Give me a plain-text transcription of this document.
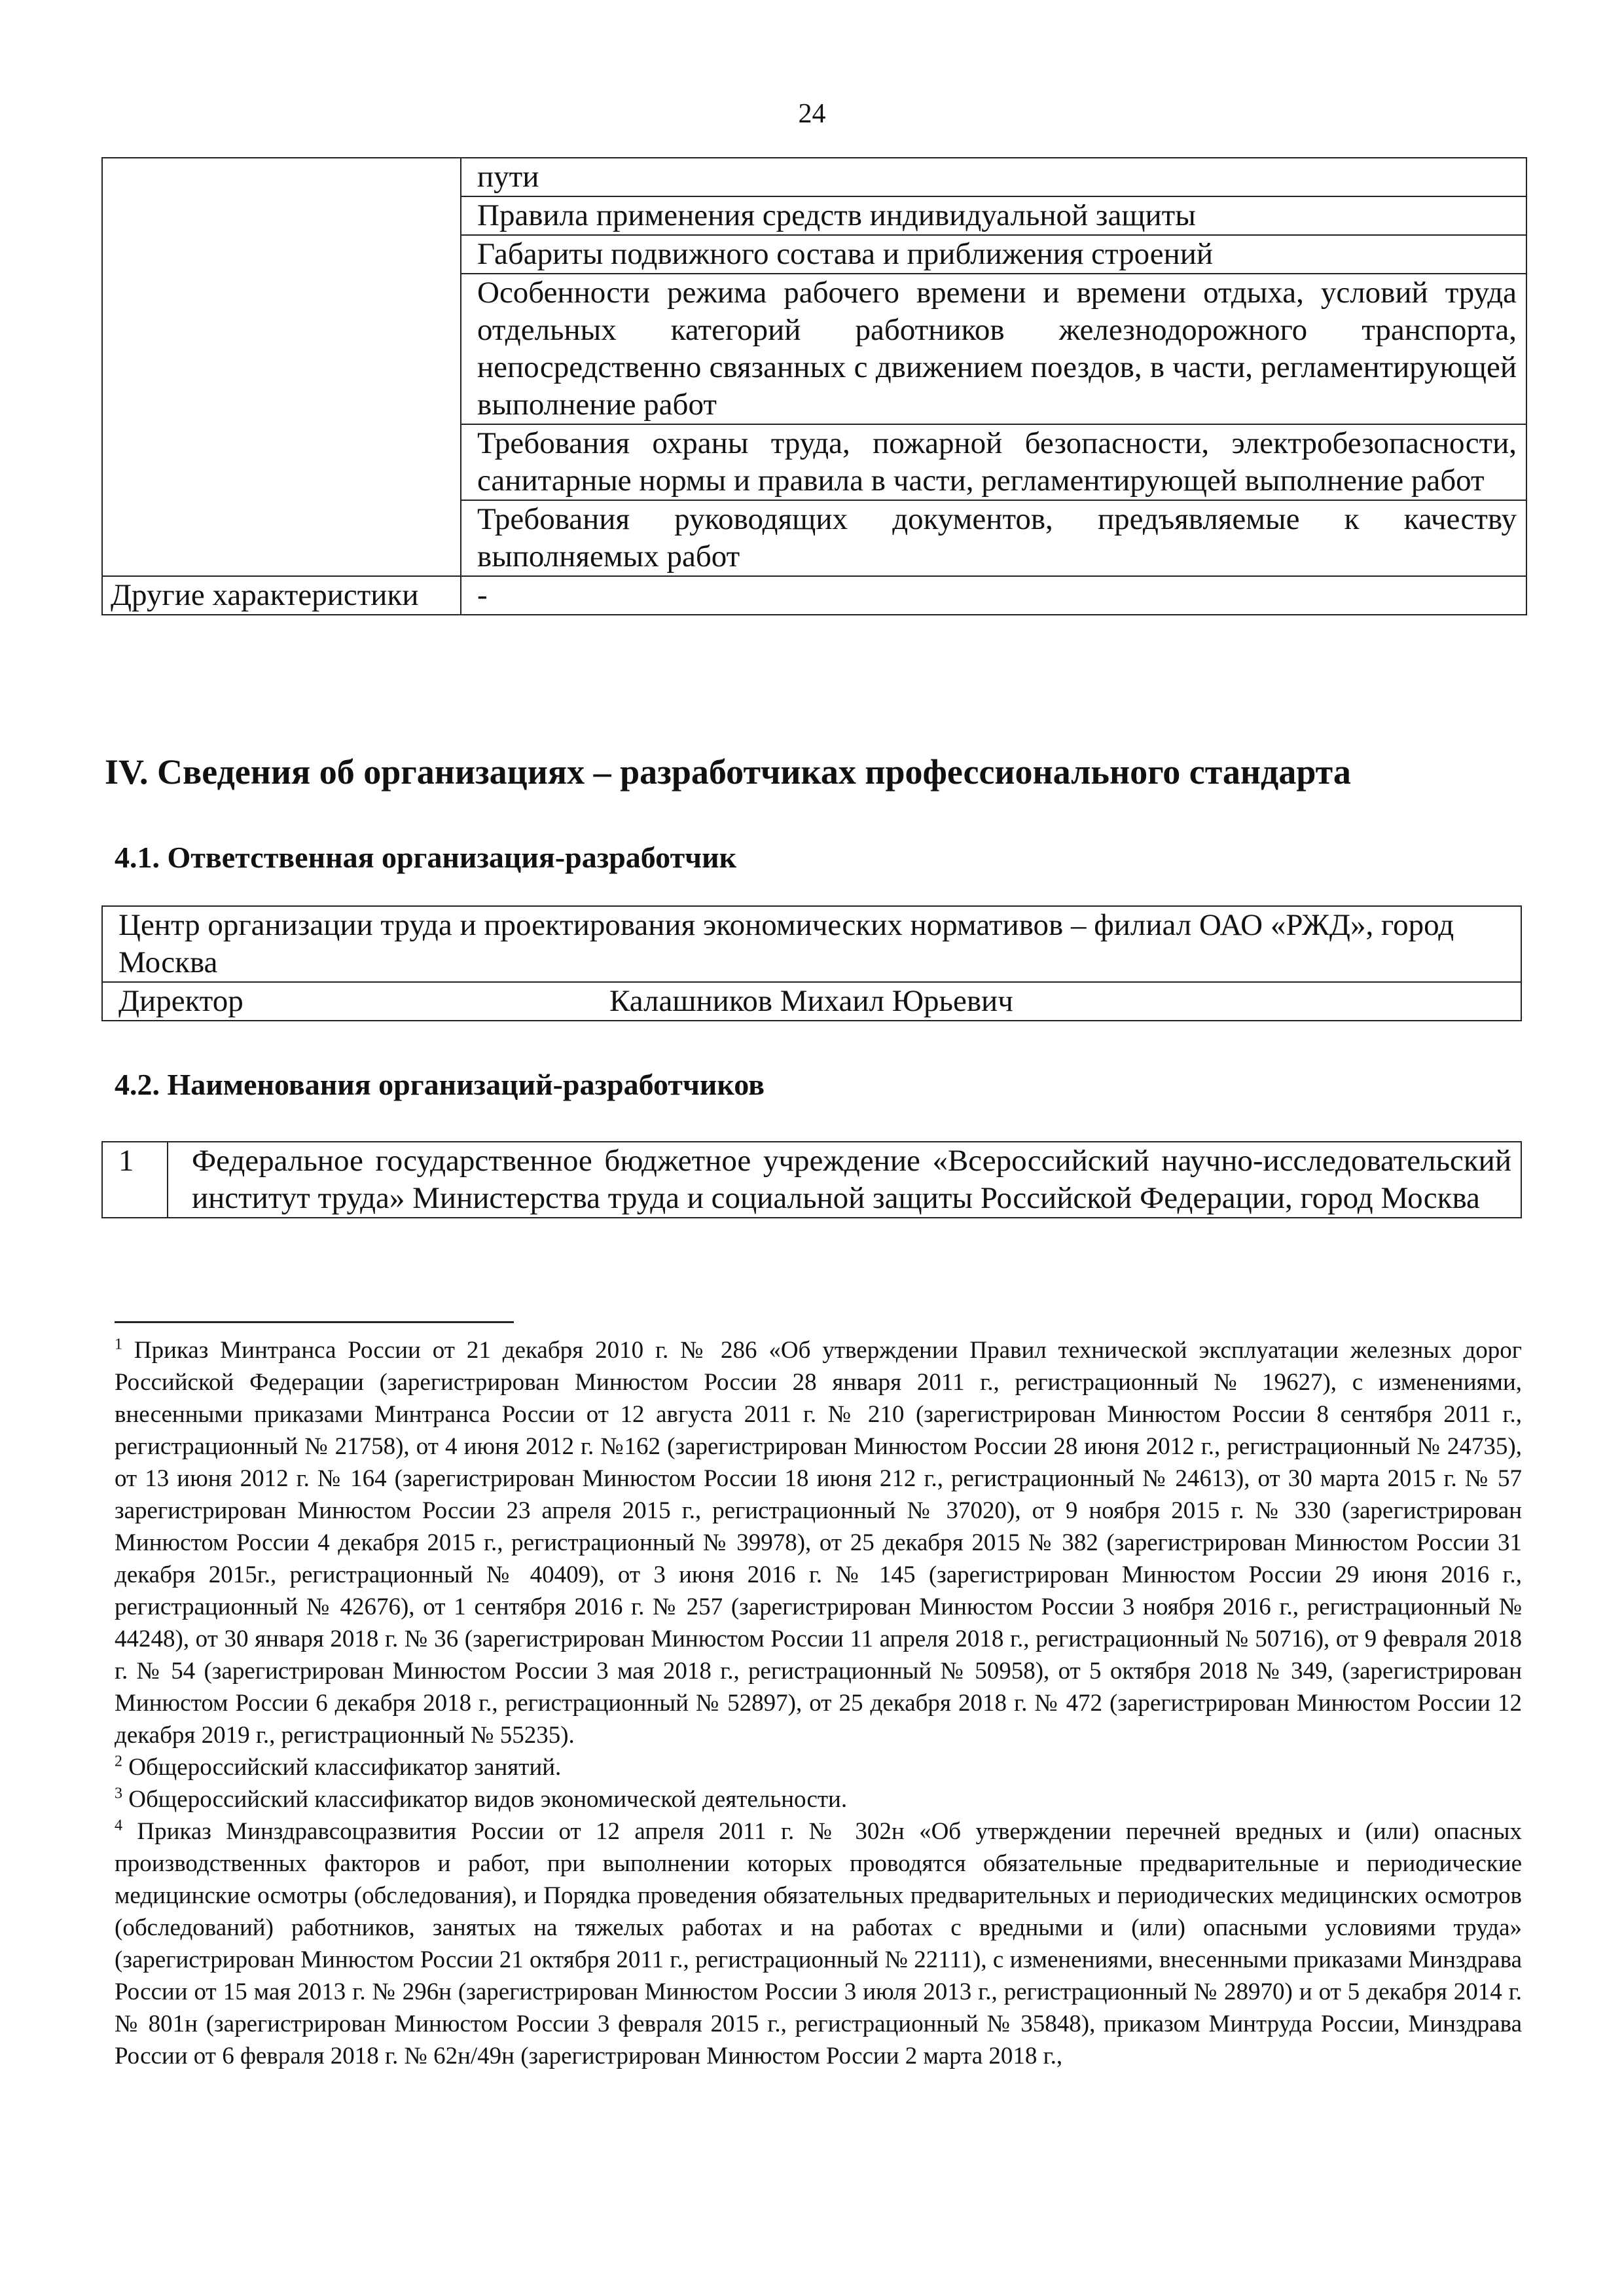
24
	пути
	Правила применения средств индивидуальной защиты
	Габариты подвижного состава и приближения строений
	Особенности режима рабочего времени и времени отдыха, условий труда отдельных категорий работников железнодорожного транспорта, непосредственно связанных с движением поездов, в части, регламентирующей выполнение работ
	Требования охраны труда, пожарной безопасности, электробезопасности, санитарные нормы и правила в части, регламентирующей выполнение работ
	Требования руководящих документов, предъявляемые к качеству выполняемых работ
Другие характеристики	-
IV. Сведения об организациях – разработчиках профессионального стандарта
4.1. Ответственная организация-разработчик
Центр организации труда и проектирования экономических нормативов – филиал ОАО «РЖД», город Москва

Директор	Калашников Михаил Юрьевич
4.2. Наименования организаций-разработчиков
1	Федеральное государственное бюджетное учреждение «Всероссийский научно-исследовательский институт труда» Министерства труда и социальной защиты Российской Федерации, город Москва

$^1$ Приказ Минтранса России от 21 декабря 2010 г. № 286 «Об утверждении Правил технической эксплуатации железных дорог Российской Федерации (зарегистрирован Минюстом России 28 января 2011 г., регистрационный № 19627), с изменениями, внесенными приказами Минтранса России от 12 августа 2011 г. № 210 (зарегистрирован Минюстом России 8 сентября 2011 г., регистрационный № 21758), от 4 июня 2012 г. №162 (зарегистрирован Минюстом России 28 июня 2012 г., регистрационный № 24735), от 13 июня 2012 г. № 164 (зарегистрирован Минюстом России 18 июня 212 г., регистрационный № 24613), от 30 марта 2015 г. № 57 зарегистрирован Минюстом России 23 апреля 2015 г., регистрационный № 37020), от 9 ноября 2015 г. № 330 (зарегистрирован Минюстом России 4 декабря 2015 г., регистрационный № 39978), от 25 декабря 2015 № 382 (зарегистрирован Минюстом России 31 декабря 2015г., регистрационный № 40409), от 3 июня 2016 г. № 145 (зарегистрирован Минюстом России 29 июня 2016 г., регистрационный № 42676), от 1 сентября 2016 г. № 257 (зарегистрирован Минюстом России 3 ноября 2016 г., регистрационный № 44248), от 30 января 2018 г. № 36 (зарегистрирован Минюстом России 11 апреля 2018 г., регистрационный № 50716), от 9 февраля 2018 г. № 54 (зарегистрирован Минюстом России 3 мая 2018 г., регистрационный № 50958), от 5 октября 2018 № 349, (зарегистрирован Минюстом России 6 декабря 2018 г., регистрационный № 52897), от 25 декабря 2018 г. № 472 (зарегистрирован Минюстом России 12 декабря 2019 г., регистрационный № 55235).

$^2$ Общероссийский классификатор занятий.

$^3$ Общероссийский классификатор видов экономической деятельности.

$^4$ Приказ Минздравсоцразвития России от 12 апреля 2011 г. № 302н «Об утверждении перечней вредных и (или) опасных производственных факторов и работ, при выполнении которых проводятся обязательные предварительные и периодические медицинские осмотры (обследования), и Порядка проведения обязательных предварительных и периодических медицинских осмотров (обследований) работников, занятых на тяжелых работах и на работах с вредными и (или) опасными условиями труда» (зарегистрирован Минюстом России 21 октября 2011 г., регистрационный № 22111), с изменениями, внесенными приказами Минздрава России от 15 мая 2013 г. № 296н (зарегистрирован Минюстом России 3 июля 2013 г., регистрационный № 28970) и от 5 декабря 2014 г. № 801н (зарегистрирован Минюстом России 3 февраля 2015 г., регистрационный № 35848), приказом Минтруда России, Минздрава России от 6 февраля 2018 г. № 62н/49н (зарегистрирован Минюстом России 2 марта 2018 г.,
